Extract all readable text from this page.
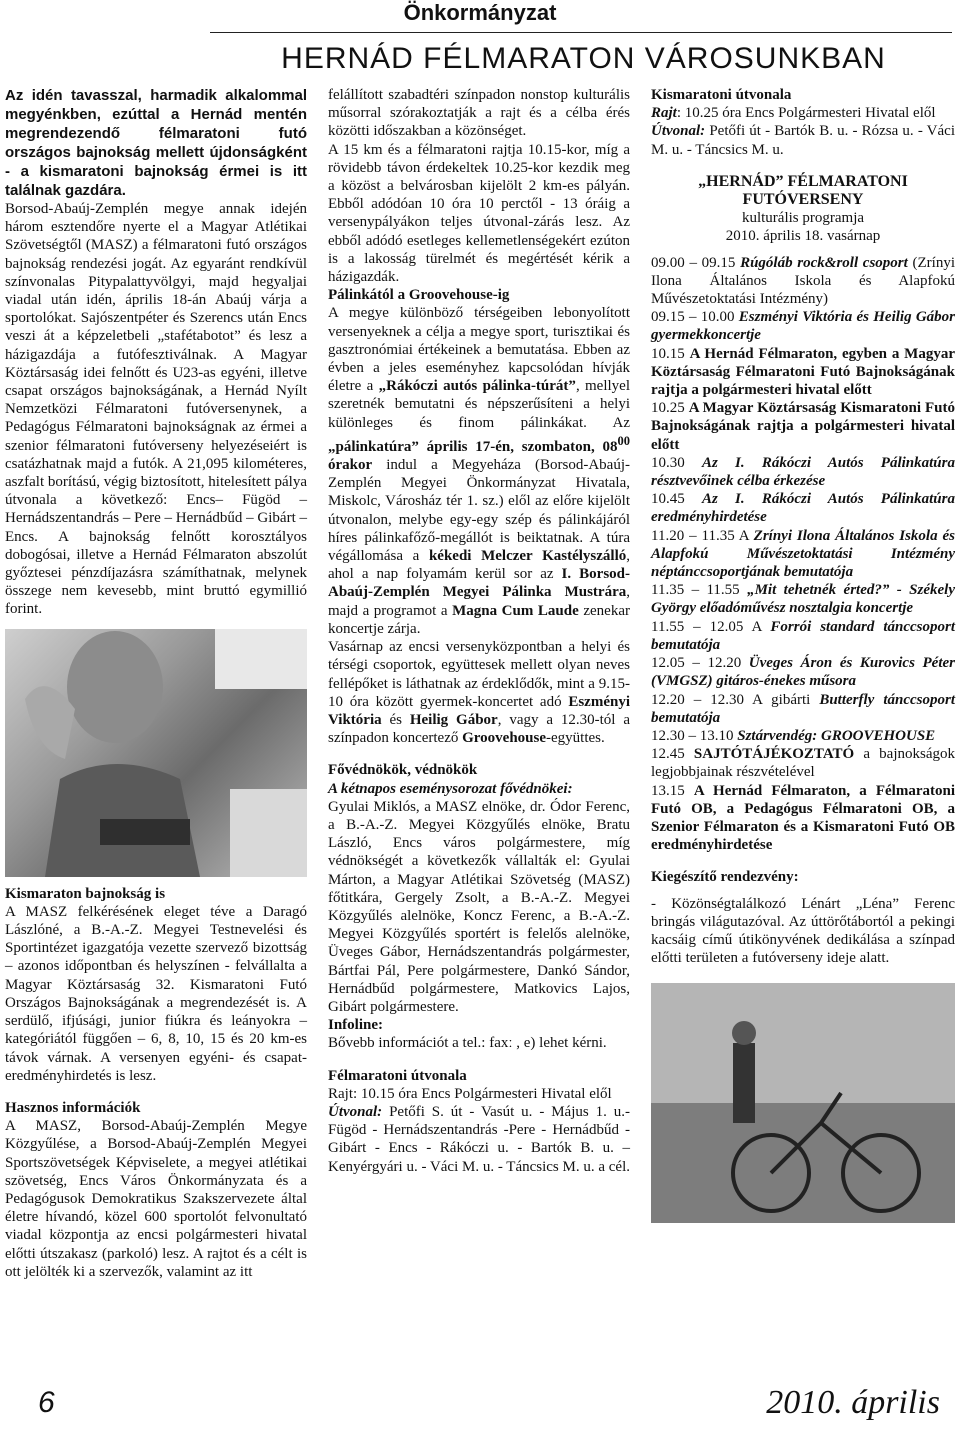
Önkormányzat
HERNÁD FÉLMARATON VÁROSUNKBAN

Az idén tavasszal, harmadik alkalommal megyénkben, ezúttal a Hernád mentén megrendezendő félmaratoni futó országos bajnokság mellett újdonságként - a kismaratoni bajnokság érmei is itt találnak gazdára.

Borsod-Abaúj-Zemplén megye annak idején három esztendőre nyerte el a Magyar Atlétikai Szövetségtől (MASZ) a félmaratoni futó országos bajnokság rendezési jogát. Az egyaránt rendkívül színvonalas Pitypalattyvölgyi, majd hegyaljai viadal után idén, április 18-án Abaúj várja a sportolókat. Sajószentpéter és Szerencs után Encs veszi át a képzeletbeli „stafétabotot” és lesz a házigazdája a futófesztiválnak. A Magyar Köztársaság idei felnőtt és U23-as egyéni, illetve csapat országos bajnokságának, a Hernád Nyílt Nemzetközi Félmaratoni futóversenynek, a Pedagógus Félmaratoni bajnokságnak az érmei a szenior félmaratoni futóverseny helyezéseiért is csatázhatnak majd a futók. A 21,095 kilométeres, aszfalt borítású, végig biztosított, hitelesített pálya útvonala a következő: Encs– Fügöd – Hernádszentandrás – Pere – Hernádbűd – Gibárt – Encs. A bajnokság felnőtt korosztályos dobogósai, illetve a Hernád Félmaraton abszolút győztesei pénzdíjazásra számíthatnak, melynek összege nem kevesebb, mint bruttó egymillió forint.

Kismaraton bajnokság is

A MASZ felkérésének eleget téve a Daragó Lászlóné, a B.-A.-Z. Megyei Testnevelési és Sportintézet igazgatója vezette szervező bizottság – azonos időpontban és helyszínen - felvállalta a Magyar Köztársaság 32. Kismaratoni Futó Országos Bajnokságának a megrendezését is. A serdülő, ifjúsági, junior fiúkra és leányokra – kategóriától függően – 6, 8, 10, 15 és 20 km-es távok várnak. A versenyen egyéni- és csapat-eredményhirdetés is lesz.

Hasznos információk

A MASZ, Borsod-Abaúj-Zemplén Megye Közgyűlése, a Borsod-Abaúj-Zemplén Megyei Sportszövetségek Képviselete, a megyei atlétikai szövetség, Encs Város Önkormányzata és a Pedagógusok Demokratikus Szakszervezete által életre hívandó, közel 600 sportolót felvonultató viadal központja az encsi polgármesteri hivatal előtti útszakasz (parkoló) lesz. A rajtot és a célt is ott jelölték ki a szervezők, valamint az itt

felállított szabadtéri színpadon nonstop kulturális műsorral szórakoztatják a rajt és a célba érés közötti időszakban a közönséget.

A 15 km és a félmaratoni rajtja 10.15-kor, míg a rövidebb távon érdekeltek 10.25-kor kezdik meg a közöst a belvárosban kijelölt 2 km-es pályán. Ebből adódóan 10 óra 10 perctől - 13 óráig a versenypályákon teljes útvonal-zárás lesz. Az ebből adódó esetleges kellemetlenségekért ezúton is a lakosság türelmét és megértését kérik a házigazdák.

Pálinkától a Groovehouse-ig

A megye különböző térségeiben lebonyolított versenyeknek a célja a megye sport, turisztikai és gasztronómiai értékeinek a bemutatása. Ebben az évben a jeles eseményhez kapcsolódan hívják életre a „Rákóczi autós pálinka-túrát”, mellyel szeretnék bemutatni és népszerűsíteni a helyi különleges és finom pálinkákat. Az „pálinkatúra” április 17-én, szombaton, $08^{00}$ órakor indul a Megyeháza (Borsod-Abaúj-Zemplén Megyei Önkormányzat Hivatala, Miskolc, Városház tér 1. sz.) elől az előre kijelölt útvonalon, melybe egy-egy szép és pálinkájáról híres pálinkafőző-megállót is beiktatnak. A túra végállomása a kékedi Melczer Kastélyszálló, ahol a nap folyamám kerül sor az I. Borsod-Abaúj-Zemplén Megyei Pálinka Mustrára, majd a programot a Magna Cum Laude zenekar koncertje zárja.

Vasárnap az encsi versenyközpontban a helyi és térségi csoportok, együttesek mellett olyan neves fellépőket is láthatnak az érdeklődők, mint a 9.15-10 óra között gyermek-koncertet adó Eszményi Viktória és Heilig Gábor, vagy a 12.30-tól a színpadon koncertező Groovehouse-együttes.

Fővédnökök, védnökök

A kétnapos eseménysorozat fővédnökei:

Gyulai Miklós, a MASZ elnöke, dr. Ódor Ferenc, a B.-A.-Z. Megyei Közgyűlés elnöke, Bratu László, Encs város polgármestere, míg védnökségét a következők vállalták el: Gyulai Márton, a Magyar Atlétikai Szövetség (MASZ) főtitkára, Gergely Zsolt, a B.-A.-Z. Megyei Közgyűlés alelnöke, Koncz Ferenc, a B.-A.-Z. Megyei Közgyűlés sportért is felelős alelnöke, Üveges Gábor, Hernádszentandrás polgármester, Bártfai Pál, Pere polgármestere, Dankó Sándor, Hernádbűd polgármestere, Matkovics Lajos, Gibárt polgármestere.

Infoline:

Bővebb információt a tel.: faxː , e) lehet kérni.

Félmaratoni útvonala

Rajt: 10.15 óra Encs Polgármesteri Hivatal elől

Útvonal: Petőfi S. út - Vasút u. - Május 1. u.- Fügöd - Hernádszentandrás -Pere - Hernádbűd - Gibárt - Encs - Rákóczi u. - Bartók B. u. – Kenyérgyári u. - Váci M. u. - Táncsics M. u. a cél.

Kismaratoni útvonala

Rajt: 10.25 óra Encs Polgármesteri Hivatal elől

Útvonal: Petőfi út - Bartók B. u. - Rózsa u. - Váci M. u. - Táncsics M. u.

„HERNÁD” FÉLMARATONI FUTÓVERSENY

kulturális programja

2010. április 18. vasárnap

09.00 – 09.15 Rúgóláb rock&roll csoport (Zrínyi Ilona Általános Iskola és Alapfokú Művészetoktatási Intézmény)

09.15 – 10.00 Eszményi Viktória és Heilig Gábor gyermekkoncertje

10.15 A Hernád Félmaraton, egyben a Magyar Köztársaság Félmaratoni Futó Bajnokságának rajtja a polgármesteri hivatal előtt

10.25 A Magyar Köztársaság Kismaratoni Futó Bajnokságának rajtja a polgármesteri hivatal előtt

10.30 Az I. Rákóczi Autós Pálinkatúra résztvevőinek célba érkezése

10.45 Az I. Rákóczi Autós Pálinkatúra eredményhirdetése

11.20 – 11.35 A Zrínyi Ilona Általános Iskola és Alapfokú Művészetoktatási Intézmény néptánccsoportjának bemutatója

11.35 – 11.55 „Mit tehetnék érted?” - Székely György előadóművész nosztalgia koncertje

11.55 – 12.05 A Forrói standard tánccsoport bemutatója

12.05 – 12.20 Üveges Áron és Kurovics Péter (VMGSZ) gitáros-énekes műsora

12.20 – 12.30 A gibárti Butterfly tánccsoport bemutatója

12.30 – 13.10 Sztárvendég: GROOVEHOUSE

12.45 SAJTÓTÁJÉKOZTATÓ a bajnokságok legjobbjainak részvételével

13.15 A Hernád Félmaraton, a Félmaratoni Futó OB, a Pedagógus Félmaratoni OB, a Szenior Félmaraton és a Kismaratoni Futó OB eredményhirdetése

Kiegészítő rendezvény:

- Közönségtalálkozó Lénárt „Léna” Ferenc bringás világutazóval. Az úttörőtábortól a pekingi kacsáig című útikönyvének dedikálása a színpad előtti területen a futóverseny ideje alatt.

6	2010. április
